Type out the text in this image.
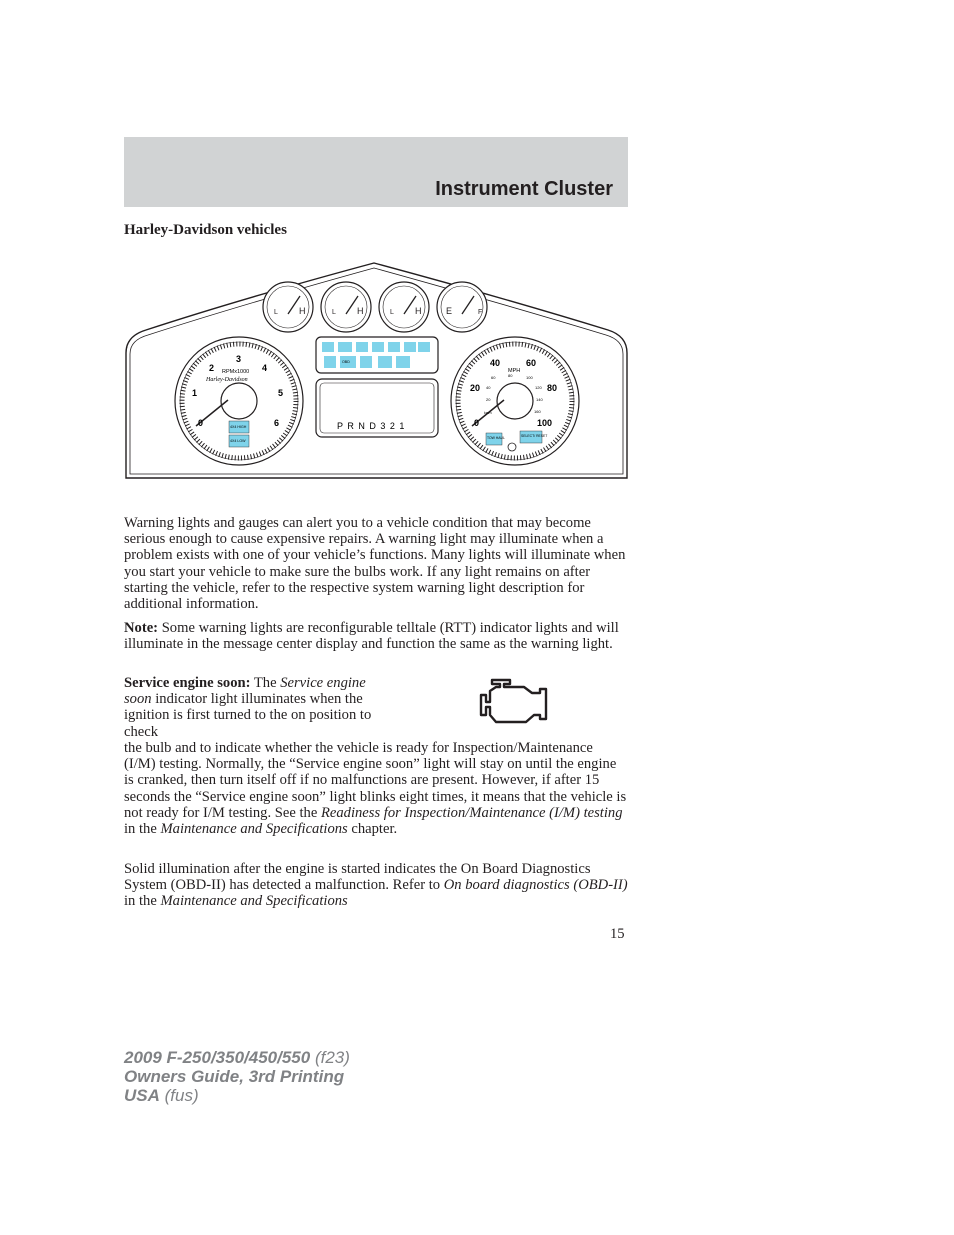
Instrument Cluster
Harley-Davidson vehicles
H	H	H	E
L	L	L	F
0
1
2
3
4
5
6
RPMx1000
Harley-Davidson
4X4 HIGH
4X4 LOW
OBD
P R N D 3 2 1	0
20
40	60
80
100
MPH
20
40
60	80	100
120
140
160
km/h
TOW HAUL	SELECT/ RESET

Warning lights and gauges can alert you to a vehicle condition that may become serious enough to cause expensive repairs. A warning light may illuminate when a problem exists with one of your vehicle’s functions. Many lights will illuminate when you start your vehicle to make sure the bulbs work. If any light remains on after starting the vehicle, refer to the respective system warning light description for additional information.

Note: Some warning lights are reconfigurable telltale (RTT) indicator lights and will illuminate in the message center display and function the same as the warning light.

Service engine soon: The Service engine soon indicator light illuminates when the ignition is first turned to the on position to check

the bulb and to indicate whether the vehicle is ready for Inspection/Maintenance (I/M) testing. Normally, the “Service engine soon” light will stay on until the engine is cranked, then turn itself off if no malfunctions are present. However, if after 15 seconds the “Service engine soon” light blinks eight times, it means that the vehicle is not ready for I/M testing. See the Readiness for Inspection/Maintenance (I/M) testing in the Maintenance and Specifications chapter.

Solid illumination after the engine is started indicates the On Board Diagnostics System (OBD-II) has detected a malfunction. Refer to On board diagnostics (OBD-II) in the Maintenance and Specifications

15
2009 F-250/350/450/550 (f23)
Owners Guide, 3rd Printing
USA (fus)
